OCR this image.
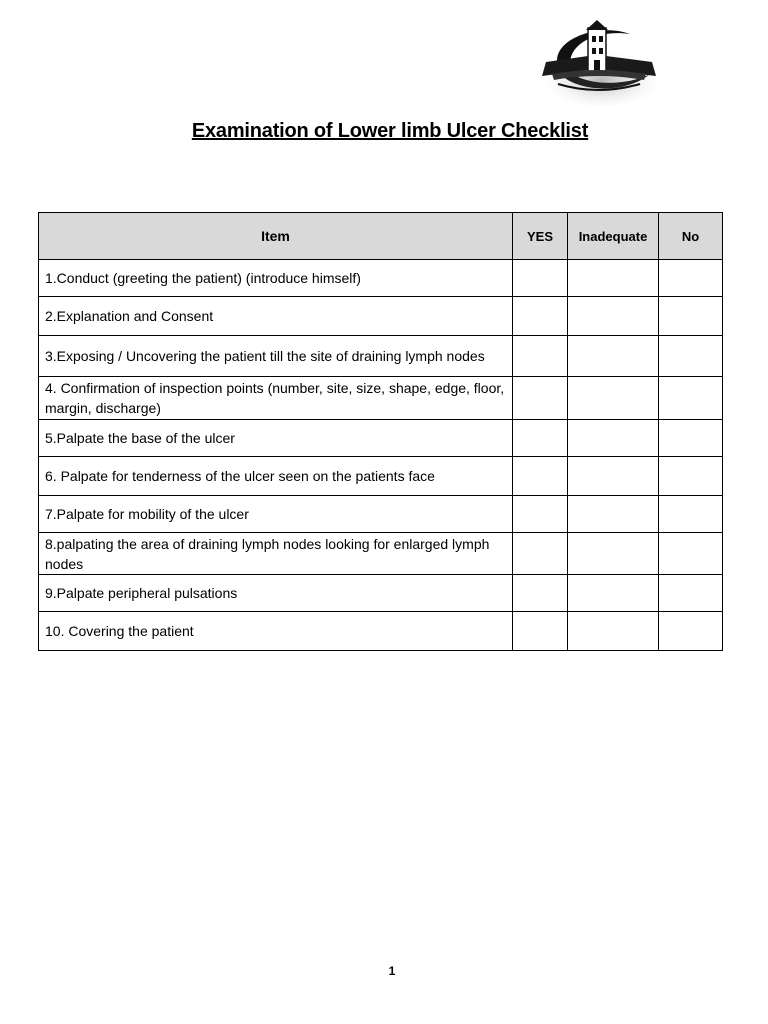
Examination of Lower limb Ulcer Checklist
Item	YES	Inadequate	No
1.Conduct (greeting the patient) (introduce himself)			
2.Explanation and Consent			
3.Exposing / Uncovering the patient till the site of draining lymph nodes			
4. Confirmation of inspection points (number, site, size, shape, edge, floor, margin, discharge)			
5.Palpate the base of the ulcer			
6. Palpate for tenderness of the ulcer seen on the patients face			
7.Palpate for mobility of the ulcer			
8.palpating the area of draining lymph nodes looking for enlarged lymph nodes			
9.Palpate peripheral pulsations			
10. Covering the patient			
1
